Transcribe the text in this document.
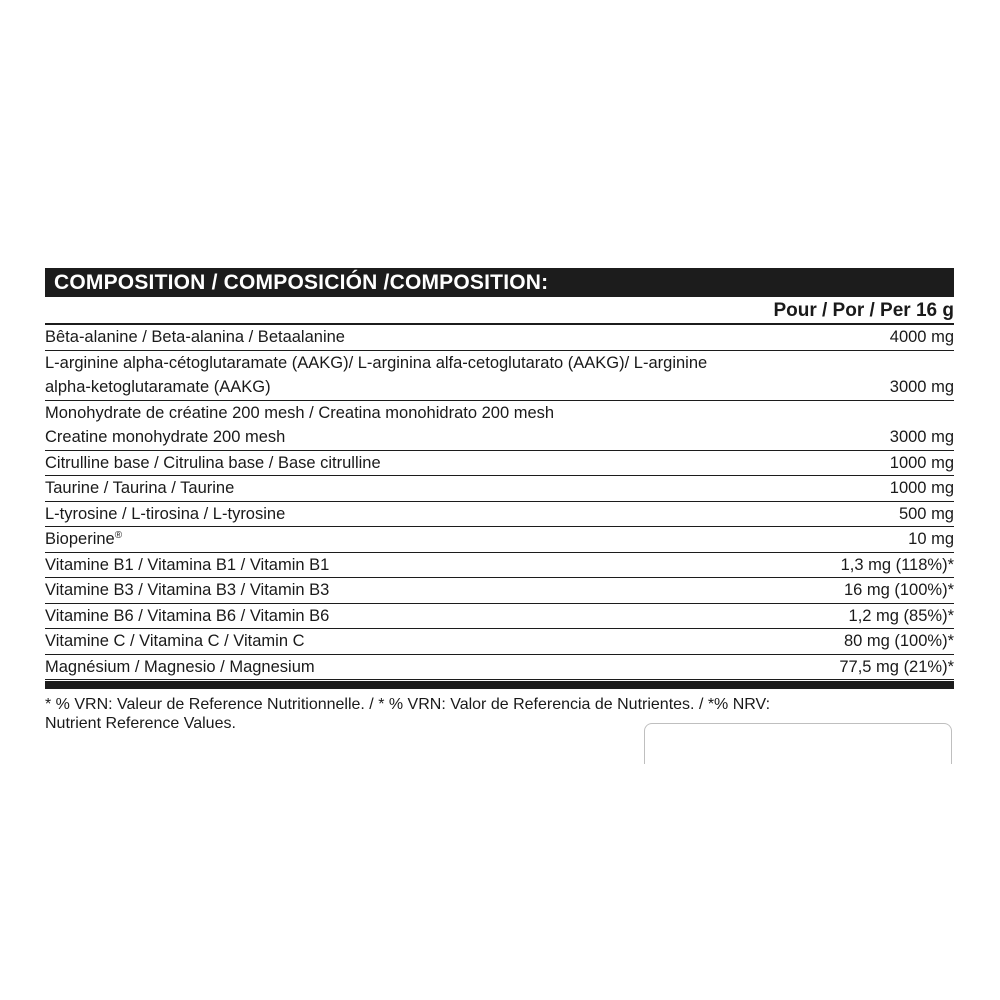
COMPOSITION / COMPOSICIÓN /COMPOSITION:
Pour / Por / Per 16 g
Bêta-alanine / Beta-alanina / Betaalanine	4000 mg
L-arginine alpha-cétoglutaramate (AAKG)/ L-arginina alfa-cetoglutarato (AAKG)/ L-arginine
alpha-ketoglutaramate (AAKG)	3000 mg
Monohydrate de créatine 200 mesh / Creatina monohidrato 200 mesh
Creatine monohydrate 200 mesh	3000 mg
Citrulline base / Citrulina base / Base citrulline	1000 mg
Taurine / Taurina / Taurine	1000 mg
L-tyrosine / L-tirosina / L-tyrosine	500 mg
Bioperine®	10 mg
Vitamine B1 / Vitamina B1 / Vitamin B1	1,3 mg (118%)*
Vitamine B3 / Vitamina B3 / Vitamin B3	16 mg (100%)*
Vitamine B6 / Vitamina B6 / Vitamin B6	1,2 mg (85%)*
Vitamine C / Vitamina C / Vitamin C	80 mg (100%)*
Magnésium / Magnesio / Magnesium	77,5 mg (21%)*
* % VRN: Valeur de Reference Nutritionnelle. / * % VRN: Valor de Referencia de Nutrientes. / *% NRV:
Nutrient Reference Values.
